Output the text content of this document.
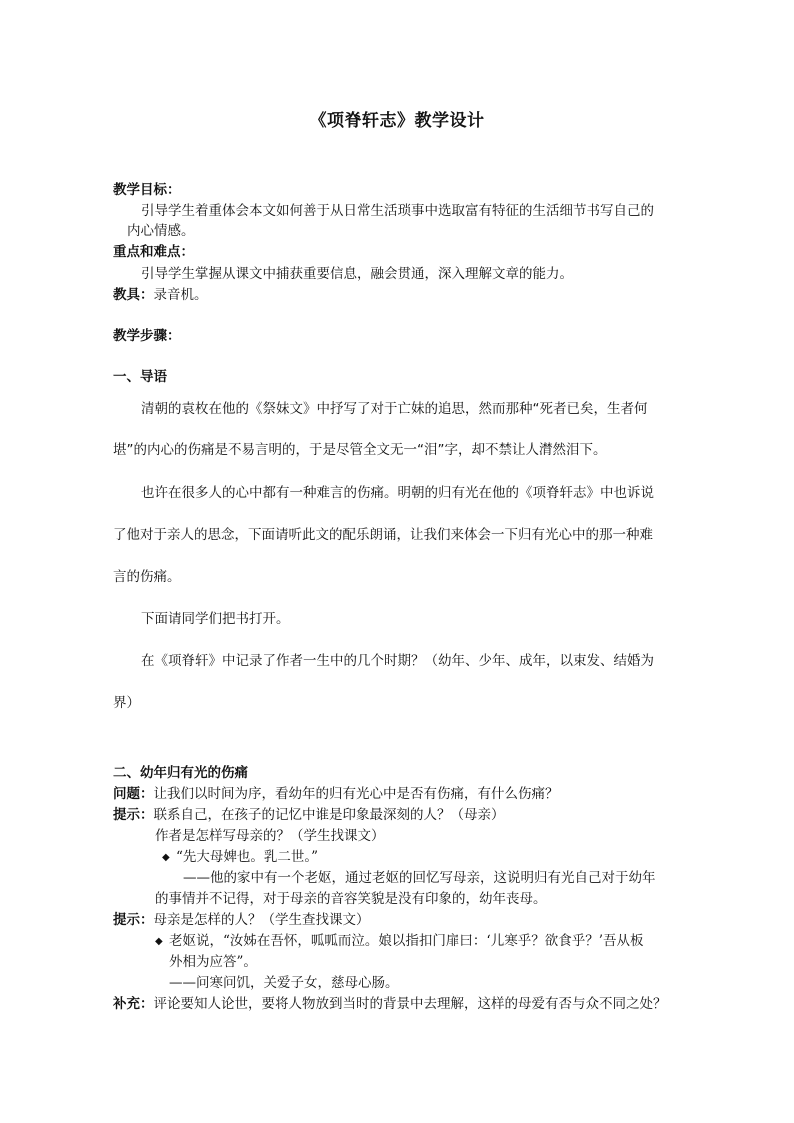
《项脊轩志》教学设计
教学目标：
引导学生着重体会本文如何善于从日常生活琐事中选取富有特征的生活细节书写自己的
内心情感。
重点和难点：
引导学生掌握从课文中捕获重要信息，融会贯通，深入理解文章的能力。
教具：录音机。
教学步骤：
一、导语
清朝的袁枚在他的《祭妹文》中抒写了对于亡妹的追思，然而那种“死者已矣，生者何
堪”的内心的伤痛是不易言明的，于是尽管全文无一“泪”字，却不禁让人潸然泪下。
也许在很多人的心中都有一种难言的伤痛。明朝的归有光在他的《项脊轩志》中也诉说
了他对于亲人的思念，下面请听此文的配乐朗诵，让我们来体会一下归有光心中的那一种难
言的伤痛。
下面请同学们把书打开。
在《项脊轩》中记录了作者一生中的几个时期？（幼年、少年、成年，以束发、结婚为
界）
二、幼年归有光的伤痛
问题：让我们以时间为序，看幼年的归有光心中是否有伤痛，有什么伤痛？
提示：联系自己，在孩子的记忆中谁是印象最深刻的人？（母亲）
作者是怎样写母亲的？（学生找课文）
◆ “先大母婢也。乳二世。”
——他的家中有一个老妪，通过老妪的回忆写母亲，这说明归有光自己对于幼年
的事情并不记得，对于母亲的音容笑貌是没有印象的，幼年丧母。
提示：母亲是怎样的人？（学生查找课文）
◆ 老妪说，“汝姊在吾怀，呱呱而泣。娘以指扣门扉曰：‘儿寒乎？欲食乎？’吾从板
外相为应答”。
——问寒问饥，关爱子女，慈母心肠。
补充：评论要知人论世，要将人物放到当时的背景中去理解，这样的母爱有否与众不同之处？
